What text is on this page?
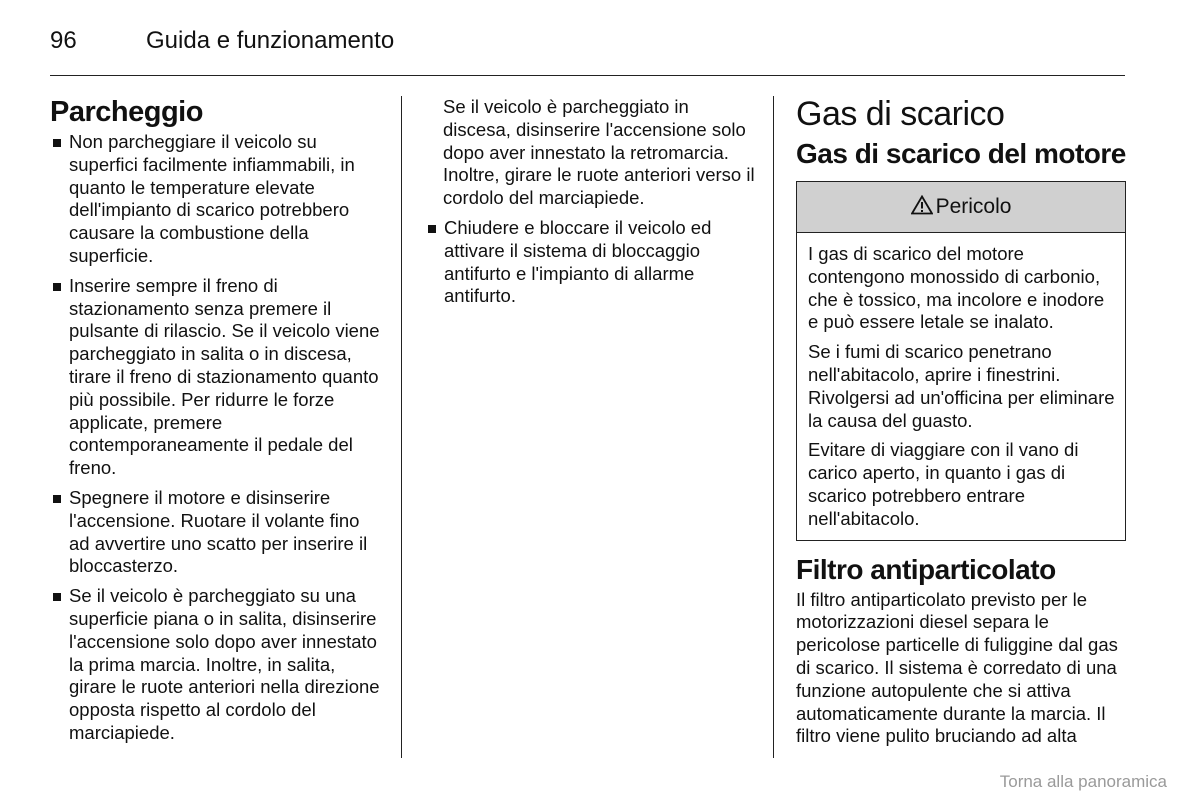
96	Guida e funzionamento
Parcheggio
Non parcheggiare il veicolo su superfici facilmente infiammabili, in quanto le temperature elevate dell'impianto di scarico potrebbero causare la combustione della superficie.
Inserire sempre il freno di stazionamento senza premere il pulsante di rilascio. Se il veicolo viene parcheggiato in salita o in discesa, tirare il freno di stazionamento quanto più possibile. Per ridurre le forze applicate, premere contemporaneamente il pedale del freno.
Spegnere il motore e disinserire l'accensione. Ruotare il volante fino ad avvertire uno scatto per inserire il bloccasterzo.
Se il veicolo è parcheggiato su una superficie piana o in salita, disinserire l'accensione solo dopo aver innestato la prima marcia. Inoltre, in salita, girare le ruote anteriori nella direzione opposta rispetto al cordolo del marciapiede.

Se il veicolo è parcheggiato in discesa, disinserire l'accensione solo dopo aver innestato la retromarcia. Inoltre, girare le ruote anteriori verso il cordolo del marciapiede.

Chiudere e bloccare il veicolo ed attivare il sistema di bloccaggio antifurto e l'impianto di allarme antifurto.
Gas di scarico
Gas di scarico del motore
Pericolo

I gas di scarico del motore contengono monossido di carbonio, che è tossico, ma incolore e inodore e può essere letale se inalato.

Se i fumi di scarico penetrano nell'abitacolo, aprire i finestrini. Rivolgersi ad un'officina per eliminare la causa del guasto.

Evitare di viaggiare con il vano di carico aperto, in quanto i gas di scarico potrebbero entrare nell'abitacolo.

Filtro antiparticolato

Il filtro antiparticolato previsto per le motorizzazioni diesel separa le pericolose particelle di fuliggine dal gas di scarico. Il sistema è corredato di una funzione autopulente che si attiva automaticamente durante la marcia. Il filtro viene pulito bruciando ad alta

Torna alla panoramica
